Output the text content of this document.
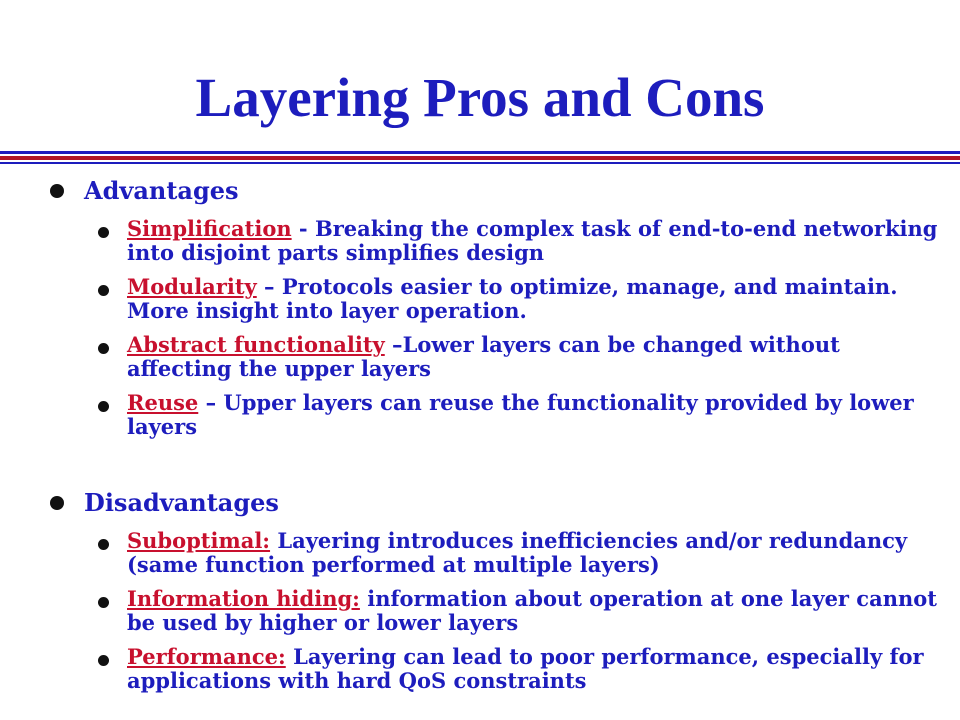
Layering Pros and Cons
Advantages
Simplification - Breaking the complex task of end-to-end networking into disjoint parts simplifies design
Modularity – Protocols easier to optimize, manage, and maintain. More insight into layer operation.
Abstract functionality –Lower layers can be changed without affecting the upper layers
Reuse – Upper layers can reuse the functionality provided by lower layers
Disadvantages
Suboptimal: Layering introduces inefficiencies and/or redundancy (same function performed at multiple layers)
Information hiding: information about operation at one layer cannot be used by higher or lower layers
Performance: Layering can lead to poor performance, especially for applications with hard QoS constraints
